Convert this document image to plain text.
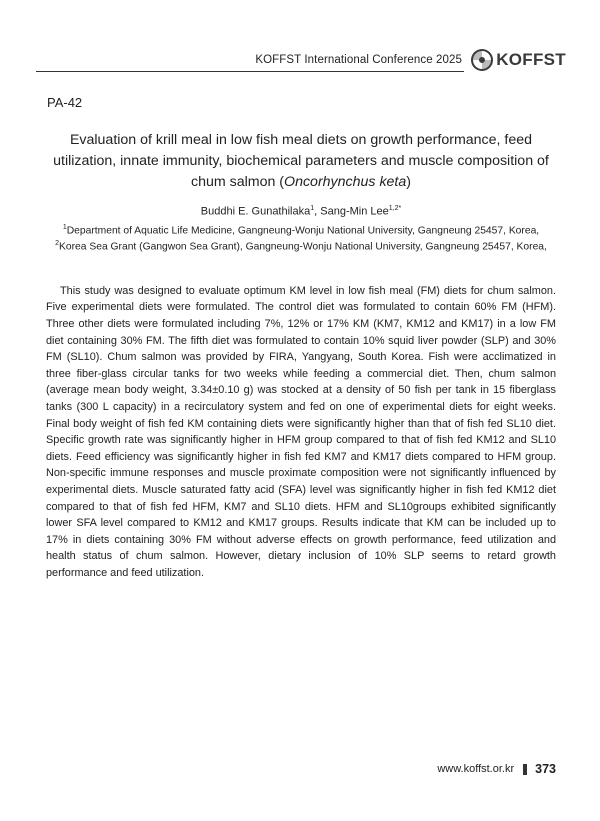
KOFFST International Conference 2025 KOFFST
PA-42
Evaluation of krill meal in low fish meal diets on growth performance, feed utilization, innate immunity, biochemical parameters and muscle composition of chum salmon (Oncorhynchus keta)
Buddhi E. Gunathilaka$^1$, Sang-Min Lee$^{1,2*}$
$^1$Department of Aquatic Life Medicine, Gangneung-Wonju National University, Gangneung 25457, Korea,
$^2$Korea Sea Grant (Gangwon Sea Grant), Gangneung-Wonju National University, Gangneung 25457, Korea,

This study was designed to evaluate optimum KM level in low fish meal (FM) diets for chum salmon. Five experimental diets were formulated. The control diet was formulated to contain 60% FM (HFM). Three other diets were formulated including 7%, 12% or 17% KM (KM7, KM12 and KM17) in a low FM diet containing 30% FM. The fifth diet was formulated to contain 10% squid liver powder (SLP) and 30% FM (SL10). Chum salmon was provided by FIRA, Yangyang, South Korea. Fish were acclimatized in three fiber-glass circular tanks for two weeks while feeding a commercial diet. Then, chum salmon (average mean body weight, 3.34±0.10 g) was stocked at a density of 50 fish per tank in 15 fiberglass tanks (300 L capacity) in a recirculatory system and fed on one of experimental diets for eight weeks. Final body weight of fish fed KM containing diets were significantly higher than that of fish fed SL10 diet. Specific growth rate was significantly higher in HFM group compared to that of fish fed KM12 and SL10 diets. Feed efficiency was significantly higher in fish fed KM7 and KM17 diets compared to HFM group. Non-specific immune responses and muscle proximate composition were not significantly influenced by experimental diets. Muscle saturated fatty acid (SFA) level was significantly higher in fish fed KM12 diet compared to that of fish fed HFM, KM7 and SL10 diets. HFM and SL10groups exhibited significantly lower SFA level compared to KM12 and KM17 groups. Results indicate that KM can be included up to 17% in diets containing 30% FM without adverse effects on growth performance, feed utilization and health status of chum salmon. However, dietary inclusion of 10% SLP seems to retard growth performance and feed utilization.

www.koffst.or.kr 373
